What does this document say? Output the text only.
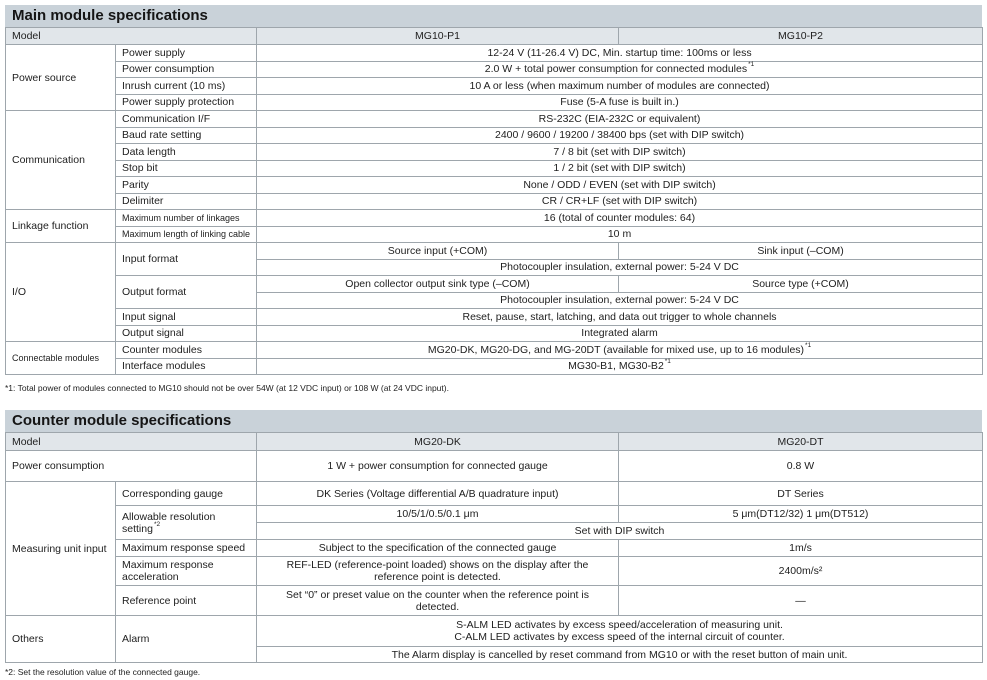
Main module specifications
Model		MG10-P1	MG10-P2
Power source	Power supply	12-24 V (11-26.4 V) DC, Min. startup time: 100ms or less	
	Power consumption	2.0 W + total power consumption for connected modules$^{*1}$
	Inrush current (10 ms)	10 A or less (when maximum number of modules are connected)	
	Power supply protection	Fuse (5-A fuse is built in.)	
Communication	Communication I/F	RS-232C (EIA-232C or equivalent)	
	Baud rate setting	2400 / 9600 / 19200 / 38400 bps (set with DIP switch)	
	Data length	7 / 8 bit (set with DIP switch)	
	Stop bit	1 / 2 bit (set with DIP switch)	
	Parity	None / ODD / EVEN (set with DIP switch)	
	Delimiter	CR / CR+LF (set with DIP switch)	
Linkage function	Maximum number of linkages	16 (total of counter modules: 64)	
	Maximum length of linking cable	10 m	
I/O	Input format	Source input (+COM)	Sink input (–COM)
		Photocoupler insulation, external power: 5-24 V DC	
	Output format	Open collector output sink type (–COM)	Source type (+COM)
		Photocoupler insulation, external power: 5-24 V DC	
	Input signal	Reset, pause, start, latching, and data out trigger to whole channels	
	Output signal	Integrated alarm	
Connectable modules	Counter modules	MG20-DK, MG20-DG, and MG-20DT (available for mixed use, up to 16 modules)$^{*1}$
	Interface modules	MG30-B1, MG30-B2$^{*1}$
*1: Total power of modules connected to MG10 should not be over 54W (at 12 VDC input) or 108 W (at 24 VDC input).
Counter module specifications
Model		MG20-DK	MG20-DT
Power consumption		1 W + power consumption for connected gauge	0.8 W
Measuring unit input	Corresponding gauge	DK Series (Voltage differential A/B quadrature input)	DT Series
	Allowable resolution setting$^{*2}$	10/5/1/0.5/0.1 μm	5 μm(DT12/32) 1 μm(DT512)
		Set with DIP switch	
	Maximum response speed	Subject to the specification of the connected gauge	1m/s
	Maximum response acceleration	REF-LED (reference-point loaded) shows on the display after the reference point is detected.	2400m/s²
	Reference point	Set “0” or preset value on the counter when the reference point is detected.	—
Others	Alarm	S-ALM LED activates by excess speed/acceleration of measuring unit.
C-ALM LED activates by excess speed of the internal circuit of counter.	

		The Alarm display is cancelled by reset command from MG10 or with the reset button of main unit.	
*2: Set the resolution value of the connected gauge.
